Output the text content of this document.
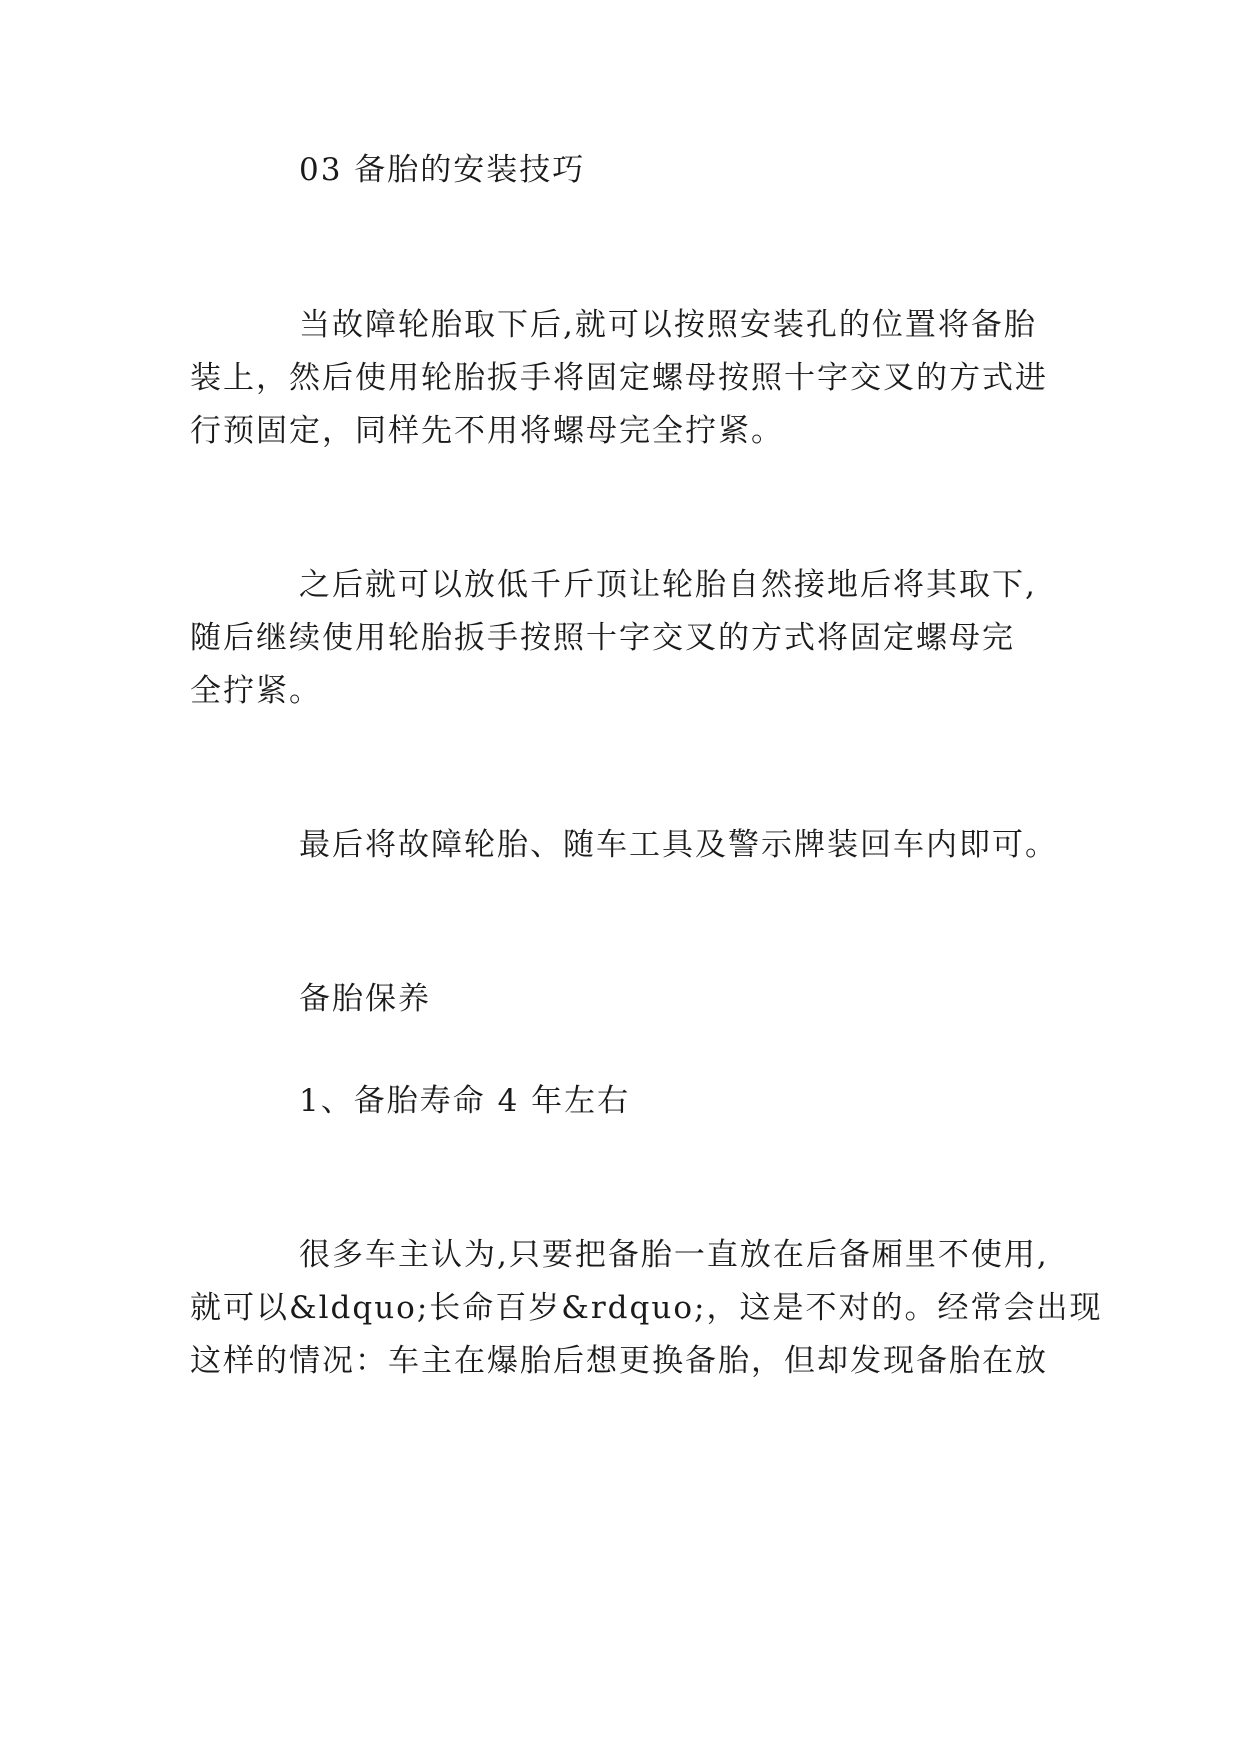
03 备胎的安装技巧

当故障轮胎取下后,就可以按照安装孔的位置将备胎

装上，然后使用轮胎扳手将固定螺母按照十字交叉的方式进

行预固定，同样先不用将螺母完全拧紧。

之后就可以放低千斤顶让轮胎自然接地后将其取下,

随后继续使用轮胎扳手按照十字交叉的方式将固定螺母完

全拧紧。

最后将故障轮胎、随车工具及警示牌装回车内即可。

备胎保养

1、备胎寿命 4 年左右

很多车主认为,只要把备胎一直放在后备厢里不使用,

就可以&ldquo;长命百岁&rdquo;，这是不对的。经常会出现

这样的情况：车主在爆胎后想更换备胎，但却发现备胎在放
